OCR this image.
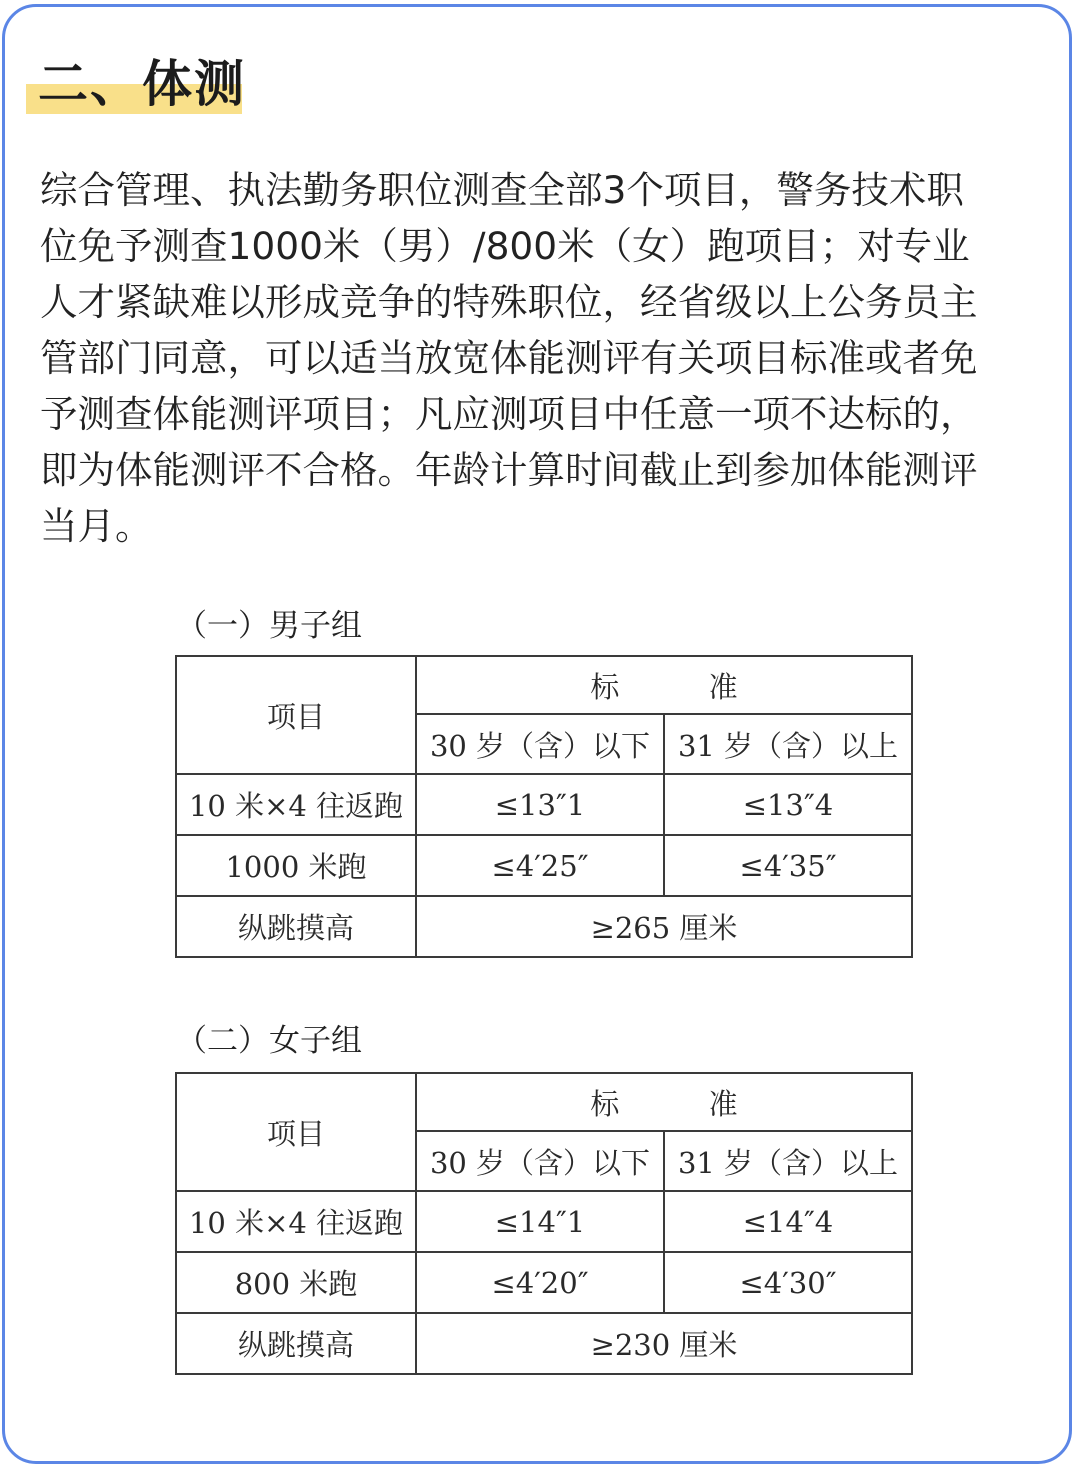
二、体测
综合管理、执法勤务职位测查全部3个项目，警务技术职
位免予测查1000米（男）/800米（女）跑项目；对专业
人才紧缺难以形成竞争的特殊职位，经省级以上公务员主
管部门同意，可以适当放宽体能测评有关项目标准或者免
予测查体能测评项目；凡应测项目中任意一项不达标的，
即为体能测评不合格。年龄计算时间截止到参加体能测评
当月。
（一）男子组
项目	标 准	
	30 岁（含）以下	31 岁（含）以上
10 米×4 往返跑	≤13″1	≤13″4
1000 米跑	≤4′25″	≤4′35″
纵跳摸高	≥265 厘米	
（二）女子组
项目	标 准	
	30 岁（含）以下	31 岁（含）以上
10 米×4 往返跑	≤14″1	≤14″4
800 米跑	≤4′20″	≤4′30″
纵跳摸高	≥230 厘米	
